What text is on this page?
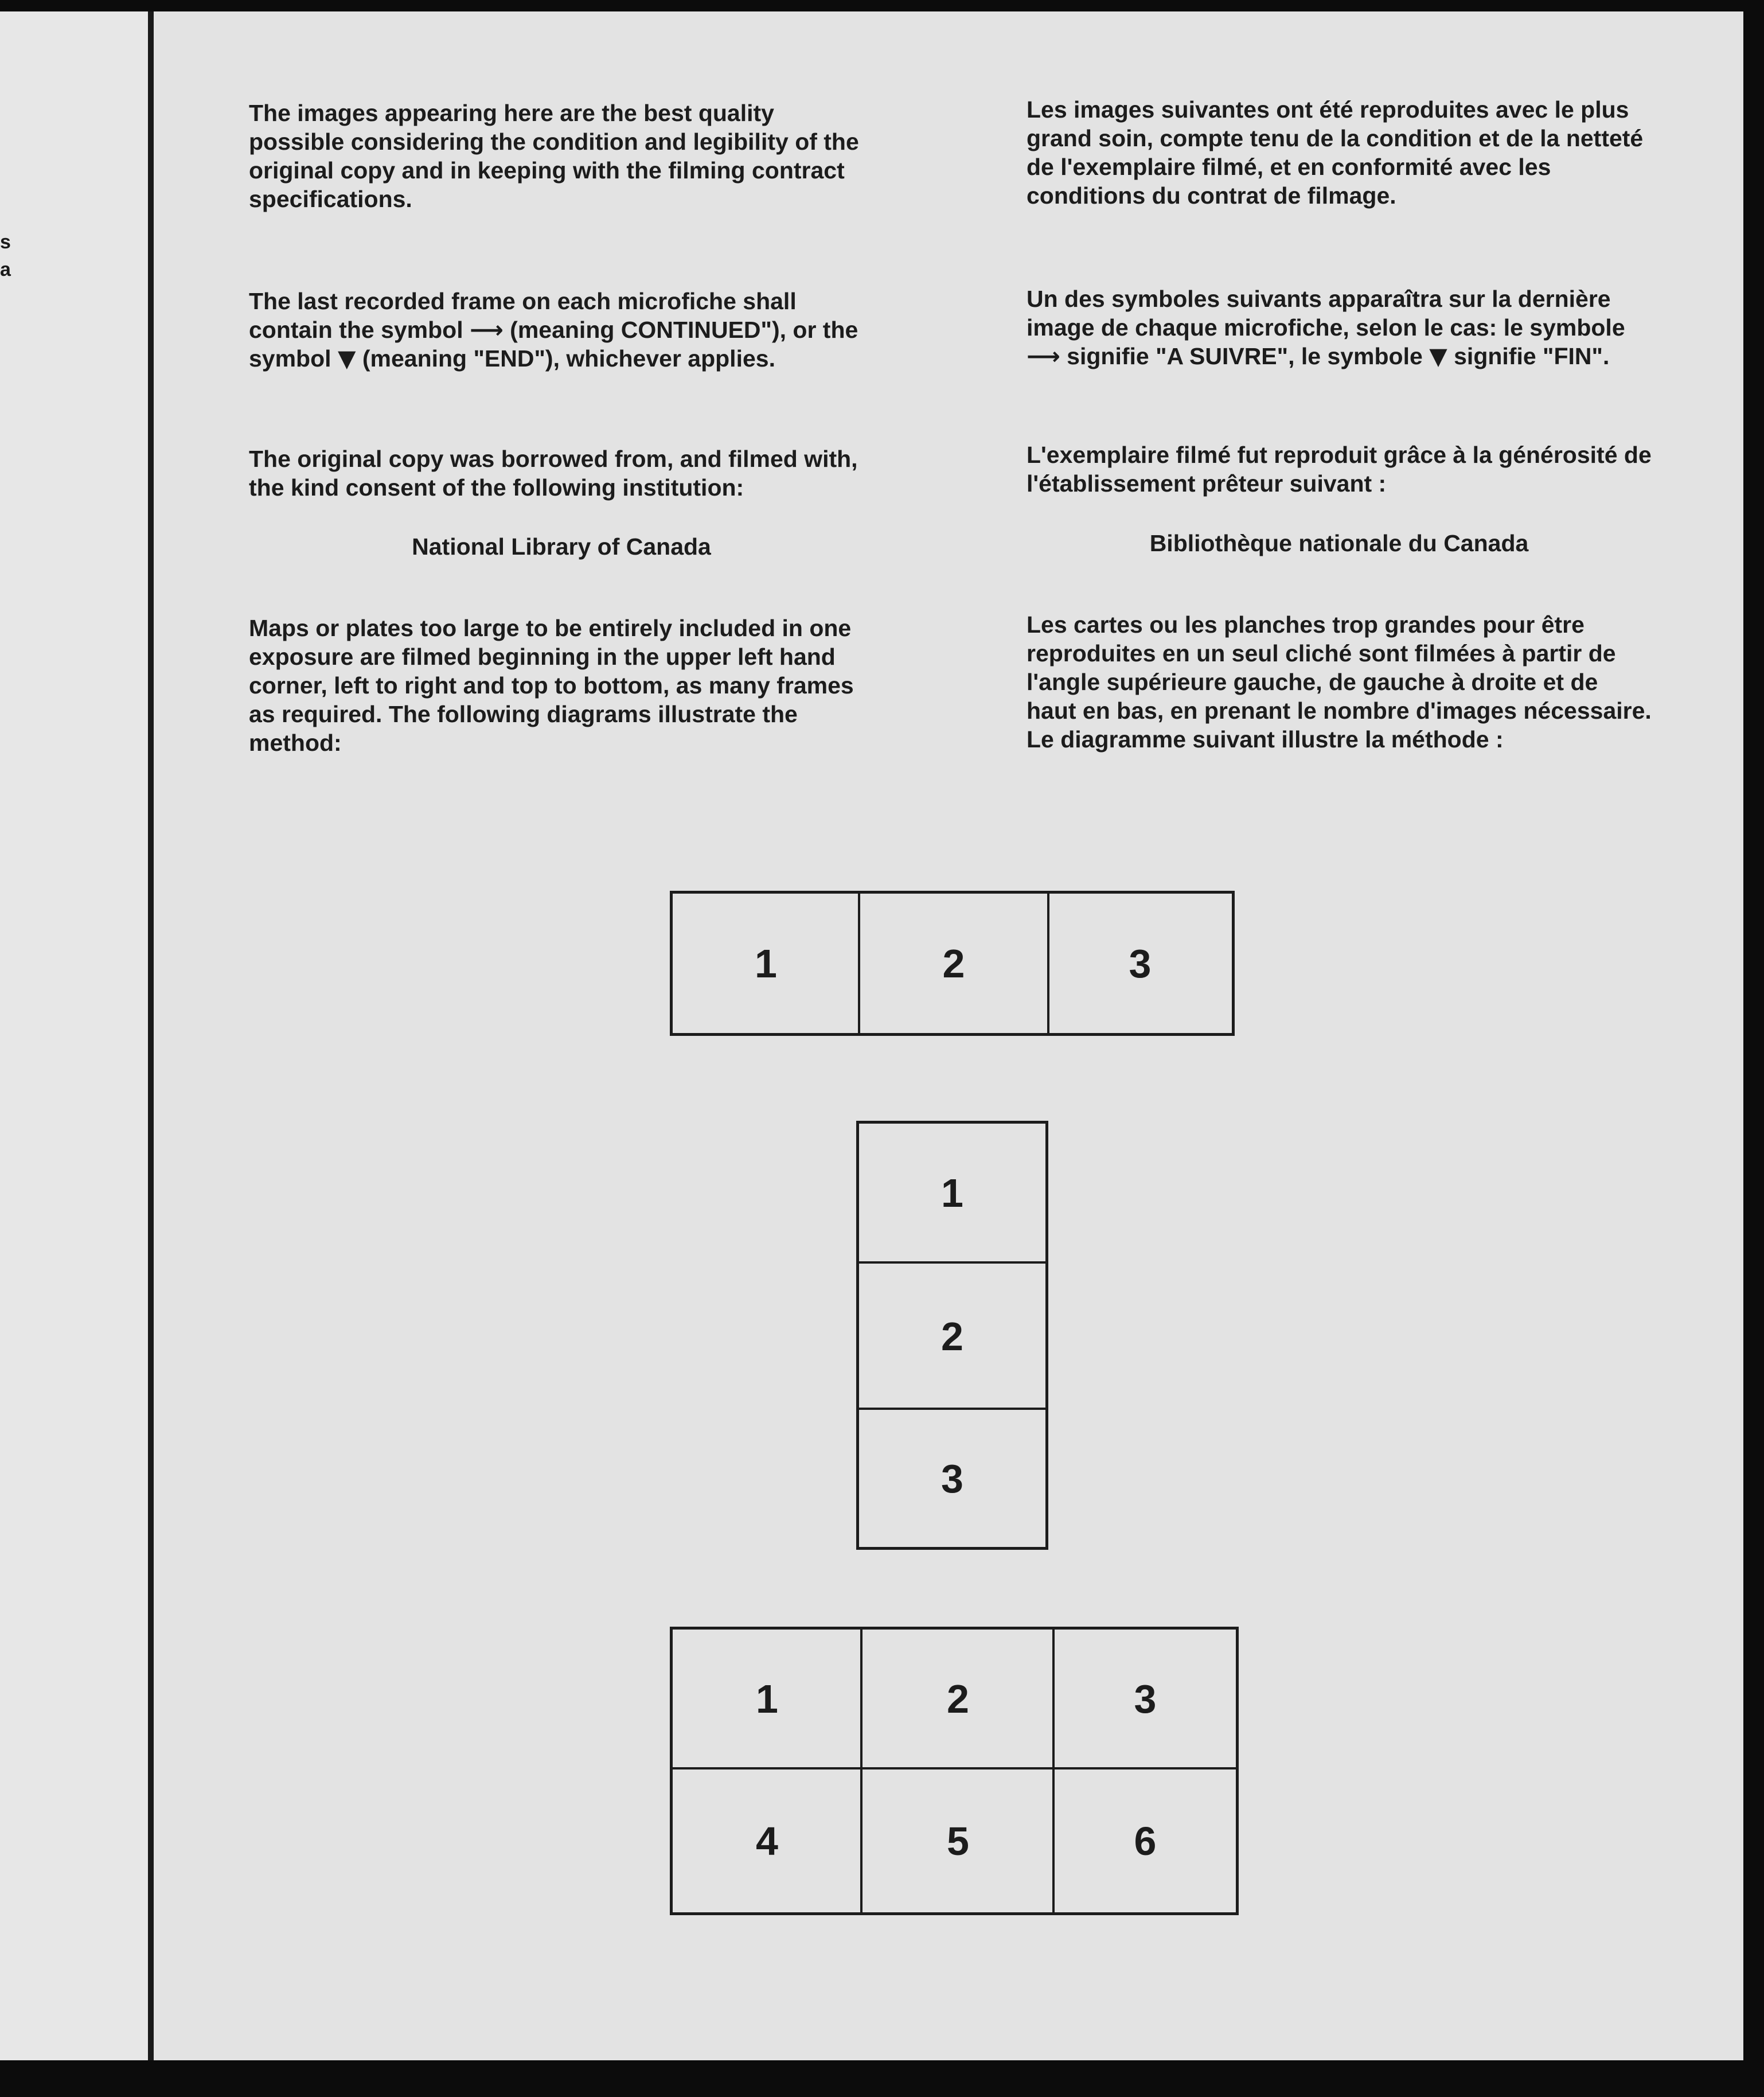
s
a

The images appearing here are the best quality possible considering the condition and legibility of the original copy and in keeping with the filming contract specifications.

The last recorded frame on each microfiche shall contain the symbol ⟶ (meaning CONTINUED"), or the symbol ▼ (meaning "END"), whichever applies.

The original copy was borrowed from, and filmed with, the kind consent of the following institution:

National Library of Canada

Maps or plates too large to be entirely included in one exposure are filmed beginning in the upper left hand corner, left to right and top to bottom, as many frames as required. The following diagrams illustrate the method:

Les images suivantes ont été reproduites avec le plus grand soin, compte tenu de la condition et de la netteté de l'exemplaire filmé, et en conformité avec les conditions du contrat de filmage.

Un des symboles suivants apparaîtra sur la dernière image de chaque microfiche, selon le cas: le symbole ⟶ signifie "A SUIVRE", le symbole ▼ signifie "FIN".

L'exemplaire filmé fut reproduit grâce à la générosité de l'établissement prêteur suivant :

Bibliothèque nationale du Canada

Les cartes ou les planches trop grandes pour être reproduites en un seul cliché sont filmées à partir de l'angle supérieure gauche, de gauche à droite et de haut en bas, en prenant le nombre d'images nécessaire. Le diagramme suivant illustre la méthode :

1	2	3
1
2
3
1	2	3
4	5	6
